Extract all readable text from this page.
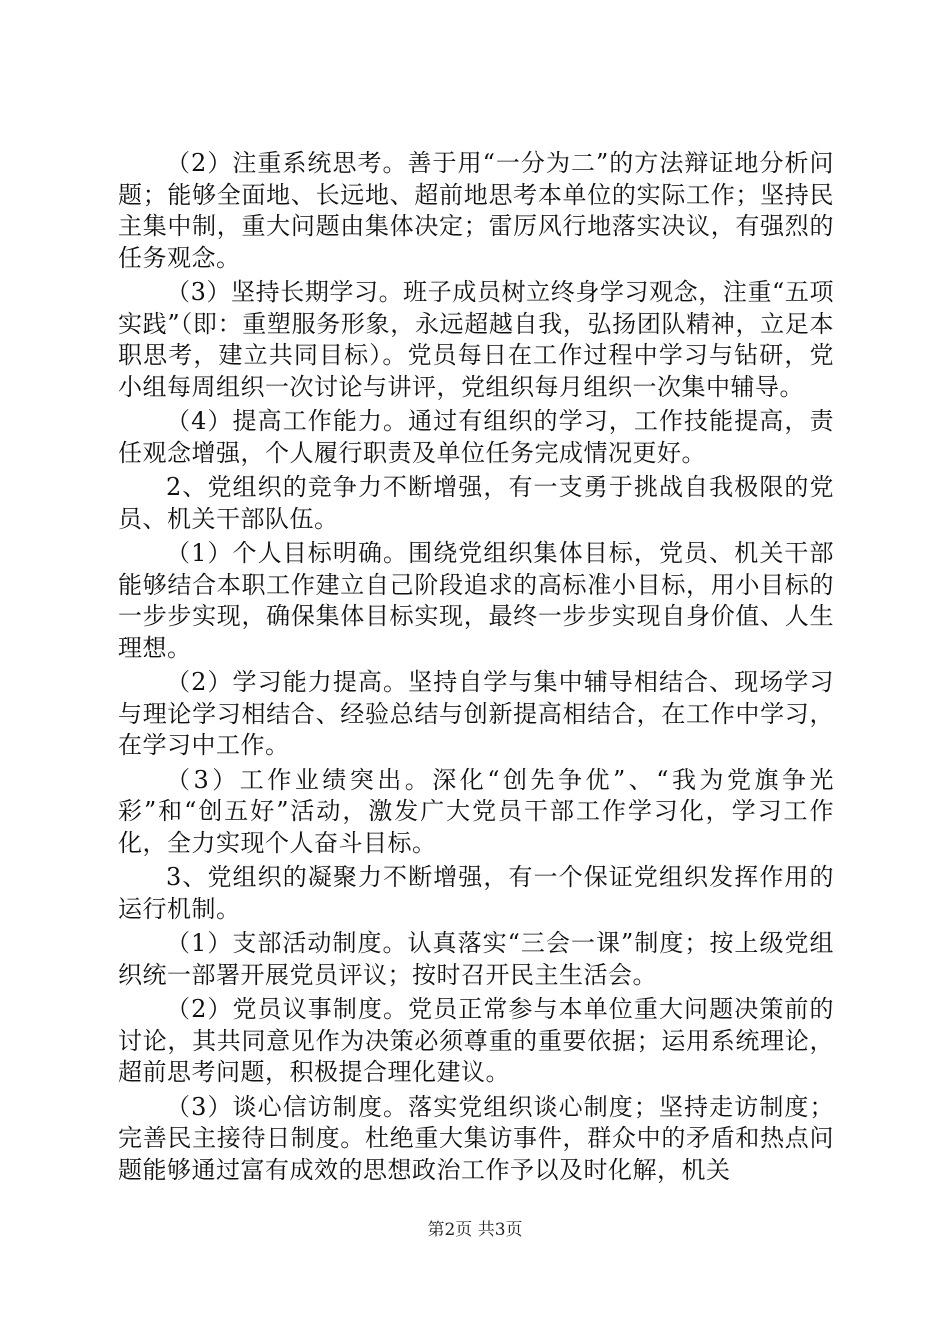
（2）注重系统思考。善于用“一分为二”的方法辩证地分析问题；能够全面地、长远地、超前地思考本单位的实际工作；坚持民主集中制，重大问题由集体决定；雷厉风行地落实决议，有强烈的任务观念。

（3）坚持长期学习。班子成员树立终身学习观念，注重“五项实践”（即：重塑服务形象，永远超越自我，弘扬团队精神，立足本职思考，建立共同目标）。党员每日在工作过程中学习与钻研，党小组每周组织一次讨论与讲评，党组织每月组织一次集中辅导。

（4）提高工作能力。通过有组织的学习，工作技能提高，责任观念增强，个人履行职责及单位任务完成情况更好。

2、党组织的竞争力不断增强，有一支勇于挑战自我极限的党员、机关干部队伍。

（1）个人目标明确。围绕党组织集体目标，党员、机关干部能够结合本职工作建立自己阶段追求的高标准小目标，用小目标的一步步实现，确保集体目标实现，最终一步步实现自身价值、人生理想。

（2）学习能力提高。坚持自学与集中辅导相结合、现场学习与理论学习相结合、经验总结与创新提高相结合，在工作中学习，在学习中工作。

（3）工作业绩突出。深化“创先争优”、“我为党旗争光彩”和“创五好”活动，激发广大党员干部工作学习化，学习工作化，全力实现个人奋斗目标。

3、党组织的凝聚力不断增强，有一个保证党组织发挥作用的运行机制。

（1）支部活动制度。认真落实“三会一课”制度；按上级党组织统一部署开展党员评议；按时召开民主生活会。

（2）党员议事制度。党员正常参与本单位重大问题决策前的讨论，其共同意见作为决策必须尊重的重要依据；运用系统理论，超前思考问题，积极提合理化建议。

（3）谈心信访制度。落实党组织谈心制度；坚持走访制度；完善民主接待日制度。杜绝重大集访事件，群众中的矛盾和热点问题能够通过富有成效的思想政治工作予以及时化解，机关

第2页 共3页
